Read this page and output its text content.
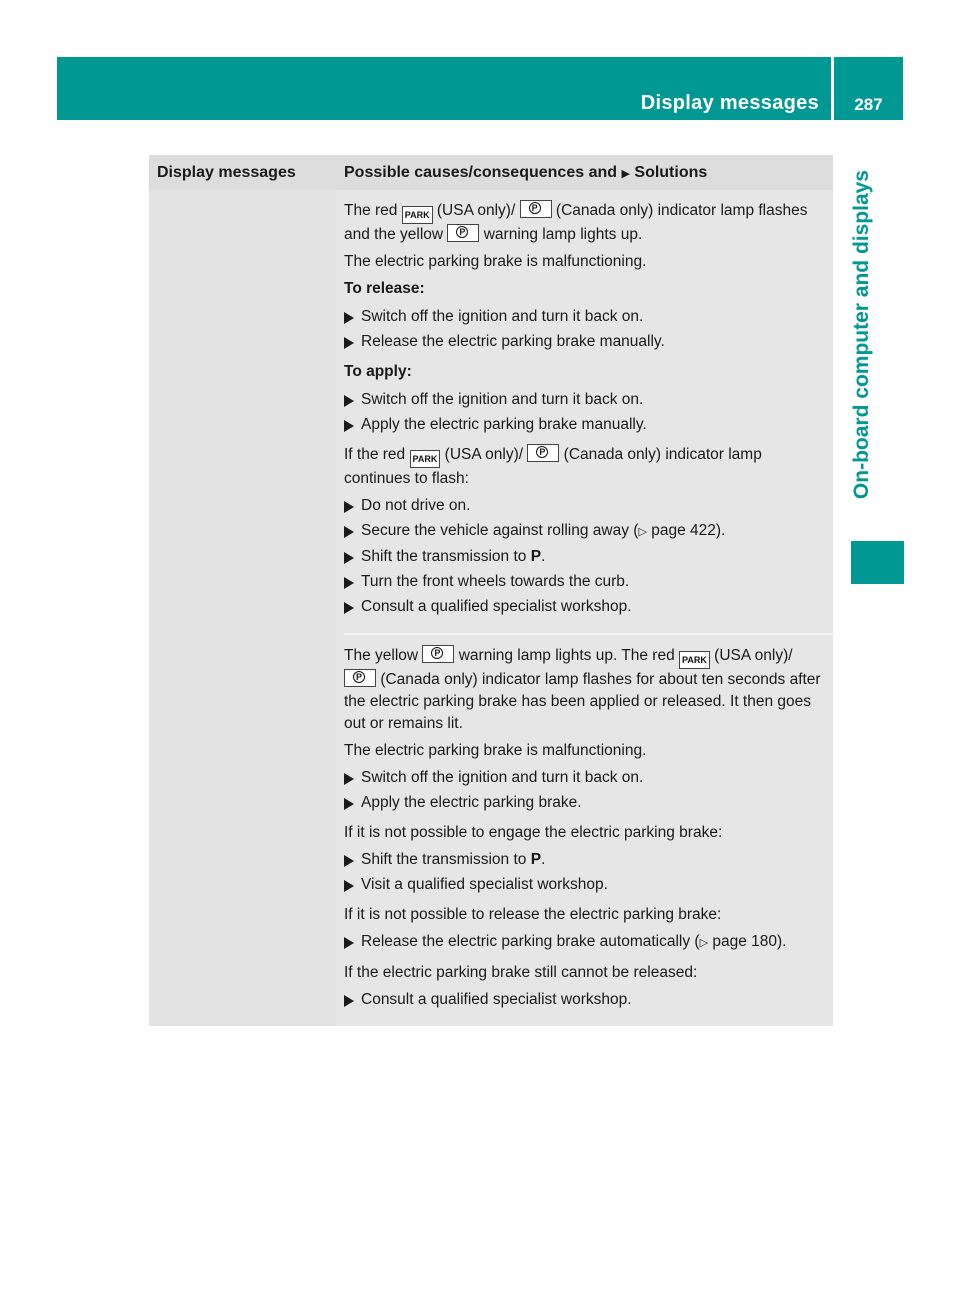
Display messages	287
On-board computer and displays
Display messages	Possible causes/consequences and ▶ Solutions

The red PARK (USA only)/ P	(Canada only) indicator lamp flashes and the yellow P	warning lamp lights up.

The electric parking brake is malfunctioning.

To release:

Switch off the ignition and turn it back on.

Release the electric parking brake manually.

To apply:

Switch off the ignition and turn it back on.

Apply the electric parking brake manually.

If the red PARK (USA only)/ P	(Canada only) indicator lamp continues to flash:

Do not drive on.

Secure the vehicle against rolling away (▷ page 422).

Shift the transmission to P.

Turn the front wheels towards the curb.

Consult a qualified specialist workshop.

The yellow P	warning lamp lights up. The red PARK (USA only)/ P (Canada only) indicator lamp flashes for about ten seconds after the electric parking brake has been applied or released. It then goes out or remains lit.

The electric parking brake is malfunctioning.

Switch off the ignition and turn it back on.

Apply the electric parking brake.

If it is not possible to engage the electric parking brake:

Shift the transmission to P.

Visit a qualified specialist workshop.

If it is not possible to release the electric parking brake:

Release the electric parking brake automatically (▷ page 180).

If the electric parking brake still cannot be released:

Consult a qualified specialist workshop.
